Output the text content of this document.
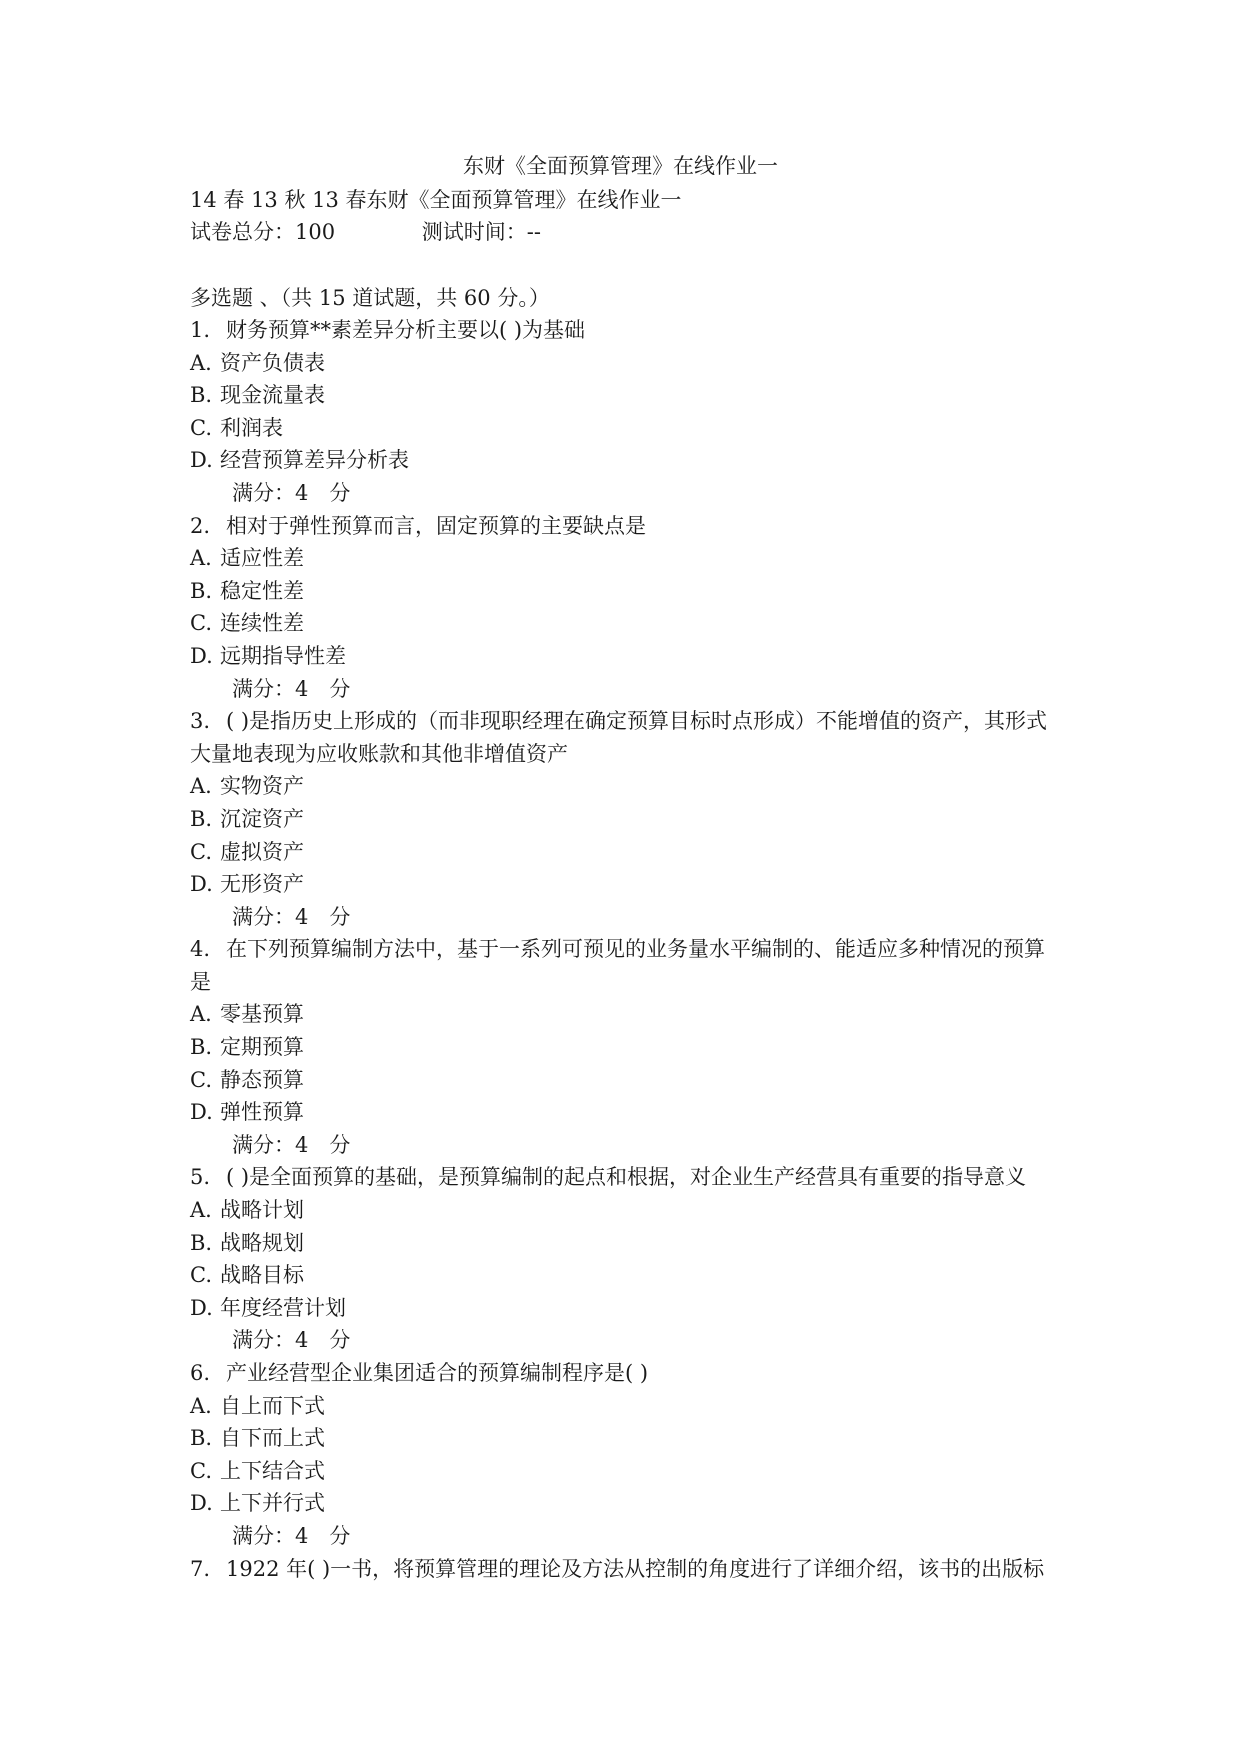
东财《全面预算管理》在线作业一
14 春 13 秋 13 春东财《全面预算管理》在线作业一
试卷总分：100	测试时间：--
多选题 、（共 15 道试题，共 60 分。）

1. 财务预算**素差异分析主要以( )为基础

A. 资产负债表

B. 现金流量表

C. 利润表

D. 经营预算差异分析表

满分：4　分

2. 相对于弹性预算而言，固定预算的主要缺点是

A. 适应性差

B. 稳定性差

C. 连续性差

D. 远期指导性差

满分：4　分

3. ( )是指历史上形成的（而非现职经理在确定预算目标时点形成）不能增值的资产，其形式大量地表现为应收账款和其他非增值资产

A. 实物资产

B. 沉淀资产

C. 虚拟资产

D. 无形资产

满分：4　分

4. 在下列预算编制方法中，基于一系列可预见的业务量水平编制的、能适应多种情况的预算是

A. 零基预算

B. 定期预算

C. 静态预算

D. 弹性预算

满分：4　分

5. ( )是全面预算的基础，是预算编制的起点和根据，对企业生产经营具有重要的指导意义

A. 战略计划

B. 战略规划

C. 战略目标

D. 年度经营计划

满分：4　分

6. 产业经营型企业集团适合的预算编制程序是( )

A. 自上而下式

B. 自下而上式

C. 上下结合式

D. 上下并行式

满分：4　分

7. 1922 年( )一书，将预算管理的理论及方法从控制的角度进行了详细介绍，该书的出版标
